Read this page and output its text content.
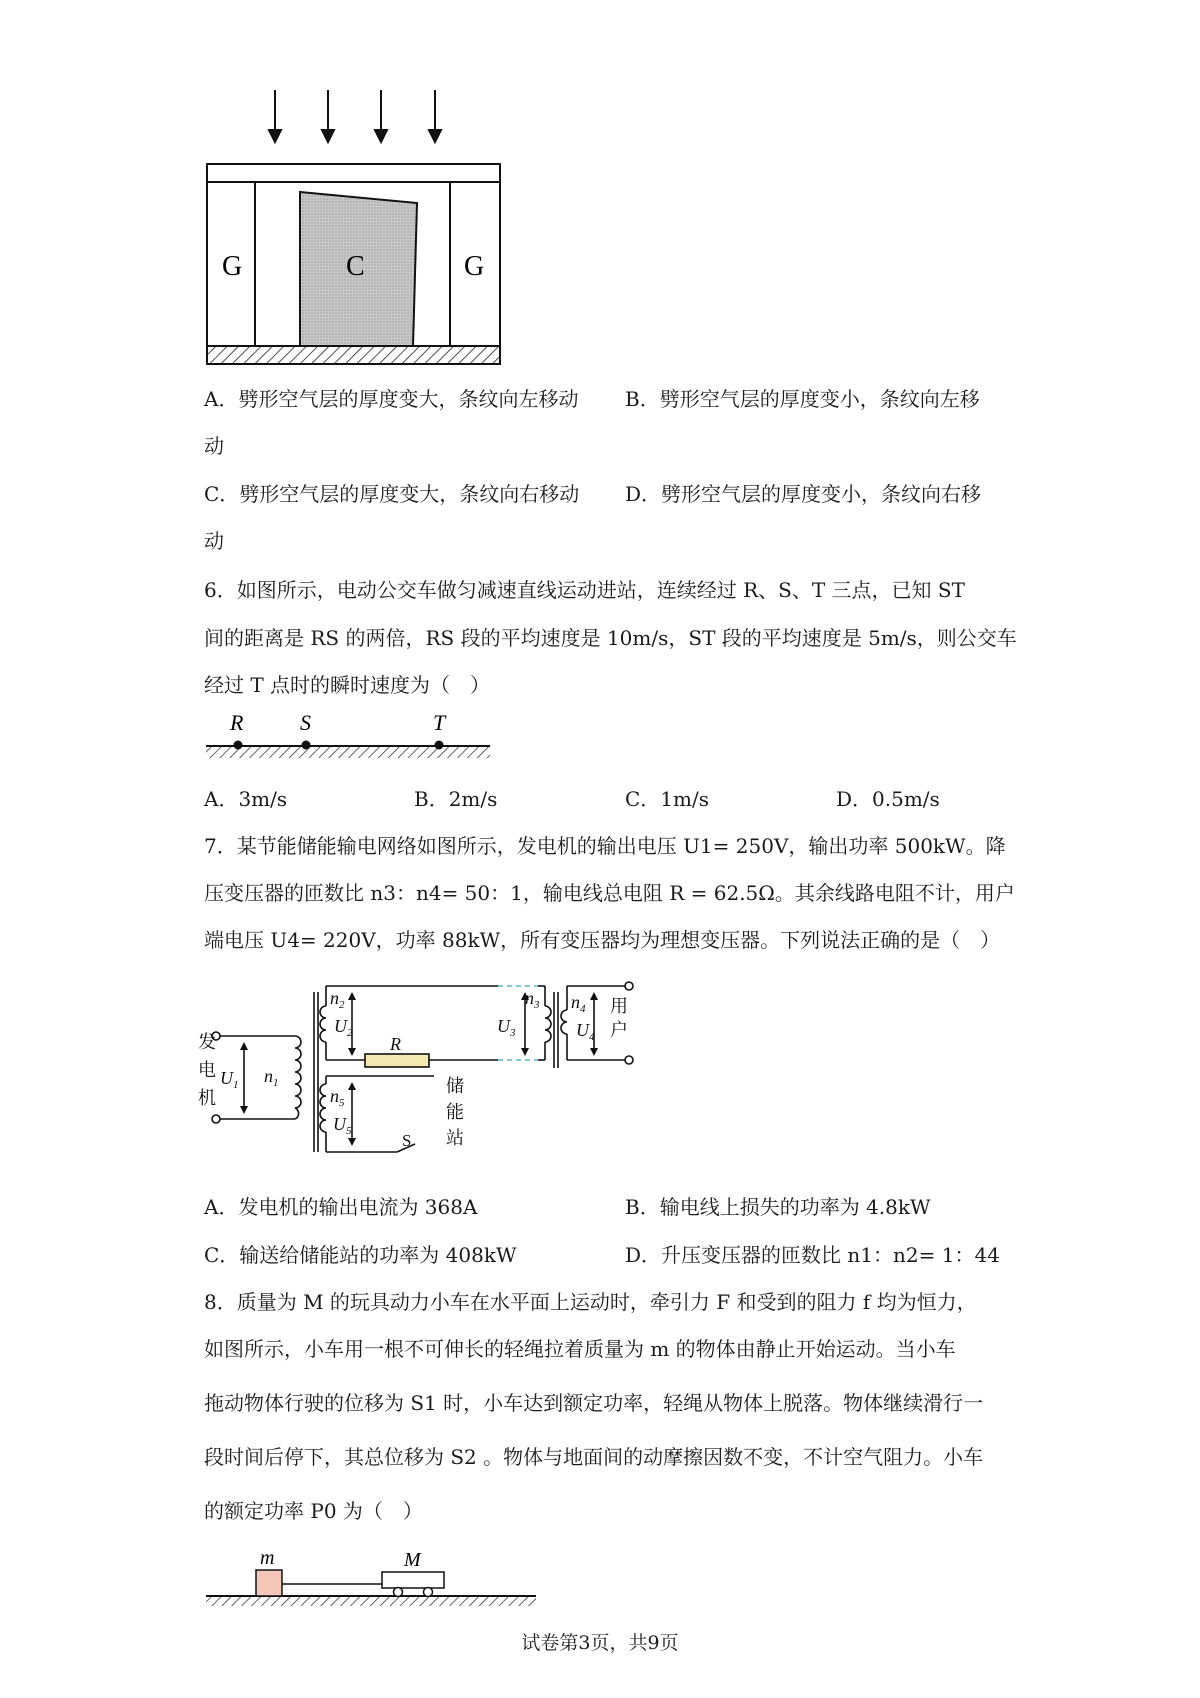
G	C	G
A．劈形空气层的厚度变大，条纹向左移动 B．劈形空气层的厚度变小，条纹向左移
动
C．劈形空气层的厚度变大，条纹向右移动 D．劈形空气层的厚度变小，条纹向右移
动
6．如图所示，电动公交车做匀减速直线运动进站，连续经过 R、S、T 三点，已知 ST
间的距离是 RS 的两倍，RS 段的平均速度是 10m/s，ST 段的平均速度是 5m/s，则公交车
经过 T 点时的瞬时速度为（　）
R	S	T
A．3m/s	B．2m/s	C．1m/s	D．0.5m/s
7．某节能储能输电网络如图所示，发电机的输出电压 U1= 250V，输出功率 500kW。降
压变压器的匝数比 n3：n4= 50：1，输电线总电阻 R = 62.5Ω。其余线路电阻不计，用户
端电压 U4= 220V，功率 88kW，所有变压器均为理想变压器。下列说法正确的是（　）
发
电
机
用
户
储
能
站
$n_2$
$U_2$
$n_3$
$U_3$
$n_4$
$U_4$
R
$U_1$ $n_1$
$n_5$
$U_5$	S
A．发电机的输出电流为 368A	B．输电线上损失的功率为 4.8kW
C．输送给储能站的功率为 408kW	D．升压变压器的匝数比 n1：n2= 1：44
8．质量为 M 的玩具动力小车在水平面上运动时，牵引力 F 和受到的阻力 f 均为恒力，
如图所示，小车用一根不可伸长的轻绳拉着质量为 m 的物体由静止开始运动。当小车
拖动物体行驶的位移为 S1 时，小车达到额定功率，轻绳从物体上脱落。物体继续滑行一
段时间后停下，其总位移为 S2 。物体与地面间的动摩擦因数不变，不计空气阻力。小车
的额定功率 P0 为（　）
m	M
试卷第3页，共9页
